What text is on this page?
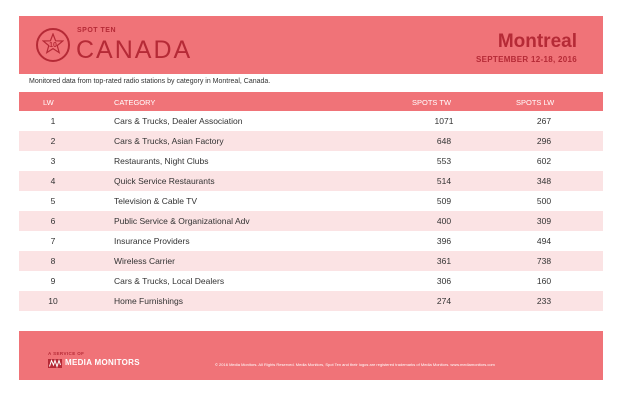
10
SPOT TEN
CANADA	Montreal
SEPTEMBER 12-18, 2016
Monitored data from top-rated radio stations by category in Montreal, Canada.
LW	CATEGORY	SPOTS TW	SPOTS LW
1	Cars & Trucks, Dealer Association	1071	267
2	Cars & Trucks, Asian Factory	648	296
3	Restaurants, Night Clubs	553	602
4	Quick Service Restaurants	514	348
5	Television & Cable TV	509	500
6	Public Service & Organizational Adv	400	309
7	Insurance Providers	396	494
8	Wireless Carrier	361	738
9	Cars & Trucks, Local Dealers	306	160
10	Home Furnishings	274	233
A SERVICE OF
MEDIA MONITORS	© 2016 Media Monitors. All Rights Reserved. Media Monitors, Spot Ten and their logos are registered trademarks of Media Monitors. www.mediamonitors.com
